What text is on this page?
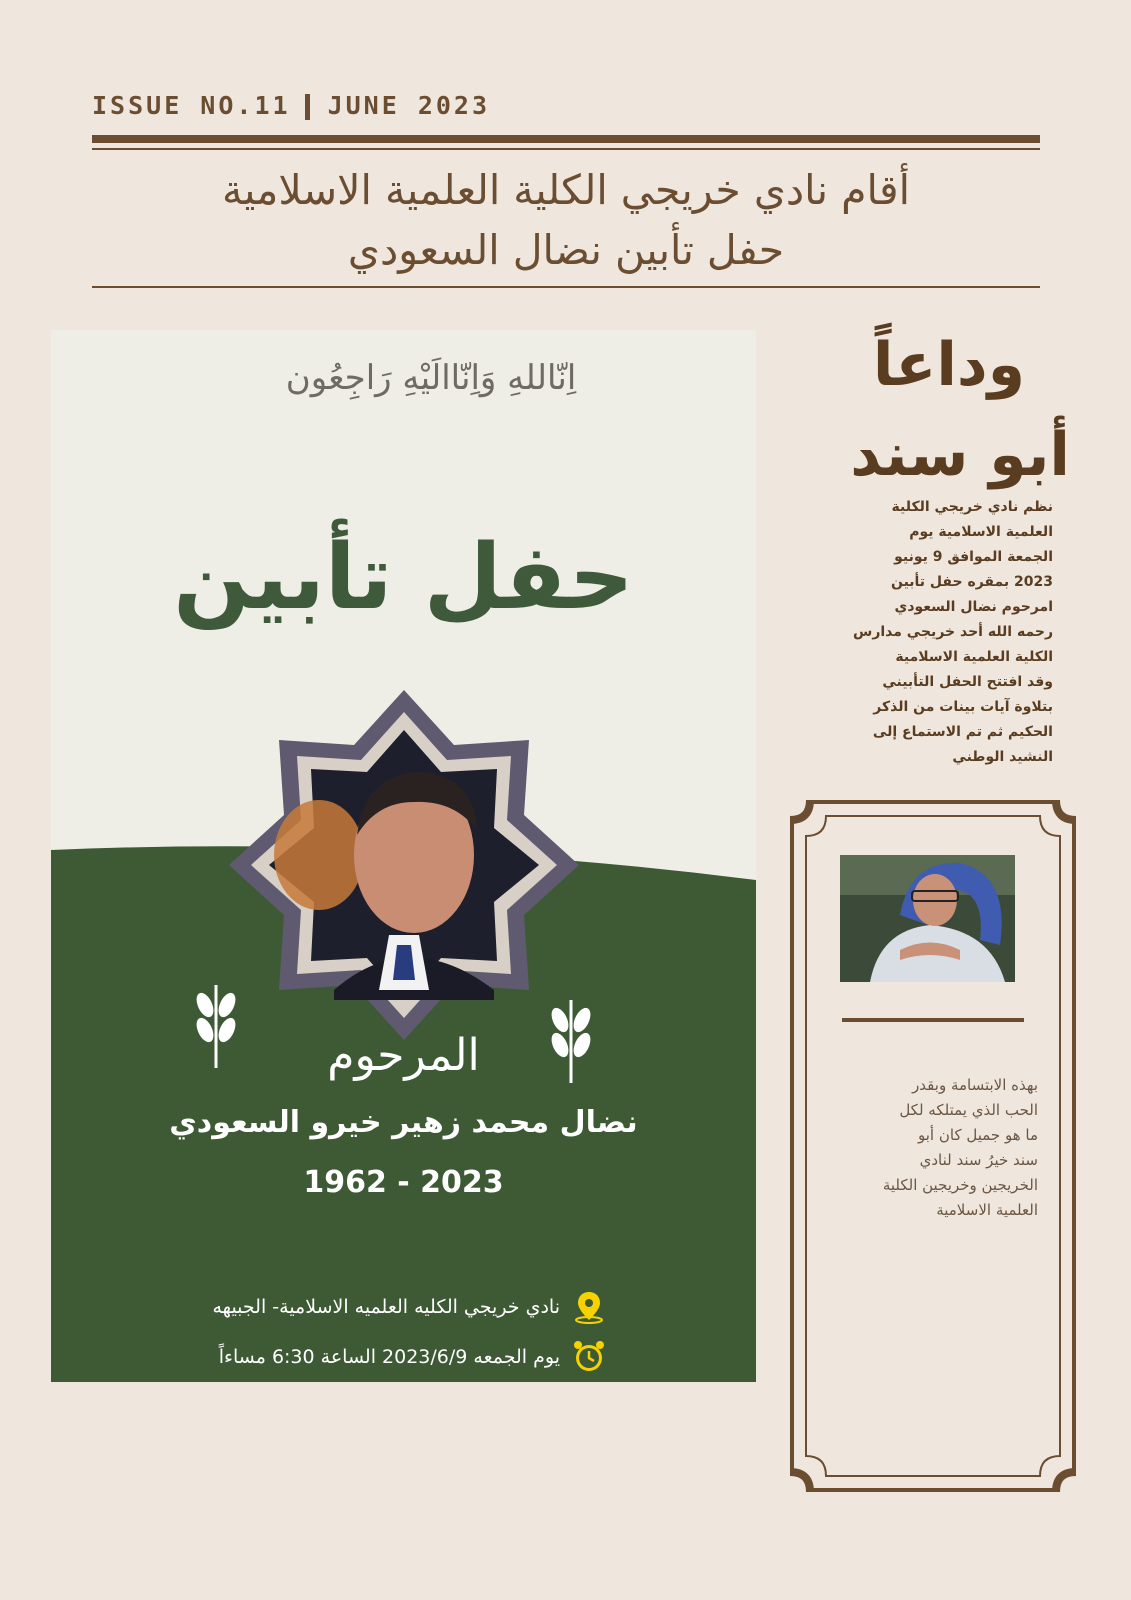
ISSUE NO.11 JUNE 2023
أقام نادي خريجي الكلية العلمية الاسلامية
حفل تأبين نضال السعودي
اِنّاللهِ وَاِنّاالَيْهِ رَاجِعُون
حفل تأبين
المرحوم
نضال محمد زهير خيرو السعودي
1962 - 2023
نادي خريجي الكليه العلميه الاسلامية- الجبيهه
يوم الجمعه 2023/6/9 الساعة 6:30 مساءاً
وداعاً
أبو سند
نظم نادي خريجي الكلية
العلمية الاسلامية يوم
الجمعة الموافق 9 يونيو
2023 بمقره حفل تأبين
امرحوم نضال السعودي
رحمه الله أحد خريجي مدارس
الكلية العلمية الاسلامية
وقد افتتح الحفل التأبيني
بتلاوة آيات بينات من الذكر
الحكيم ثم تم الاستماع إلى
النشيد الوطني
بهذه الابتسامة وبقدر
الحب الذي يمتلكه لكل
ما هو جميل كان أبو
سند خيرُ سند لنادي
الخريجين وخريجين الكلية
العلمية الاسلامية
